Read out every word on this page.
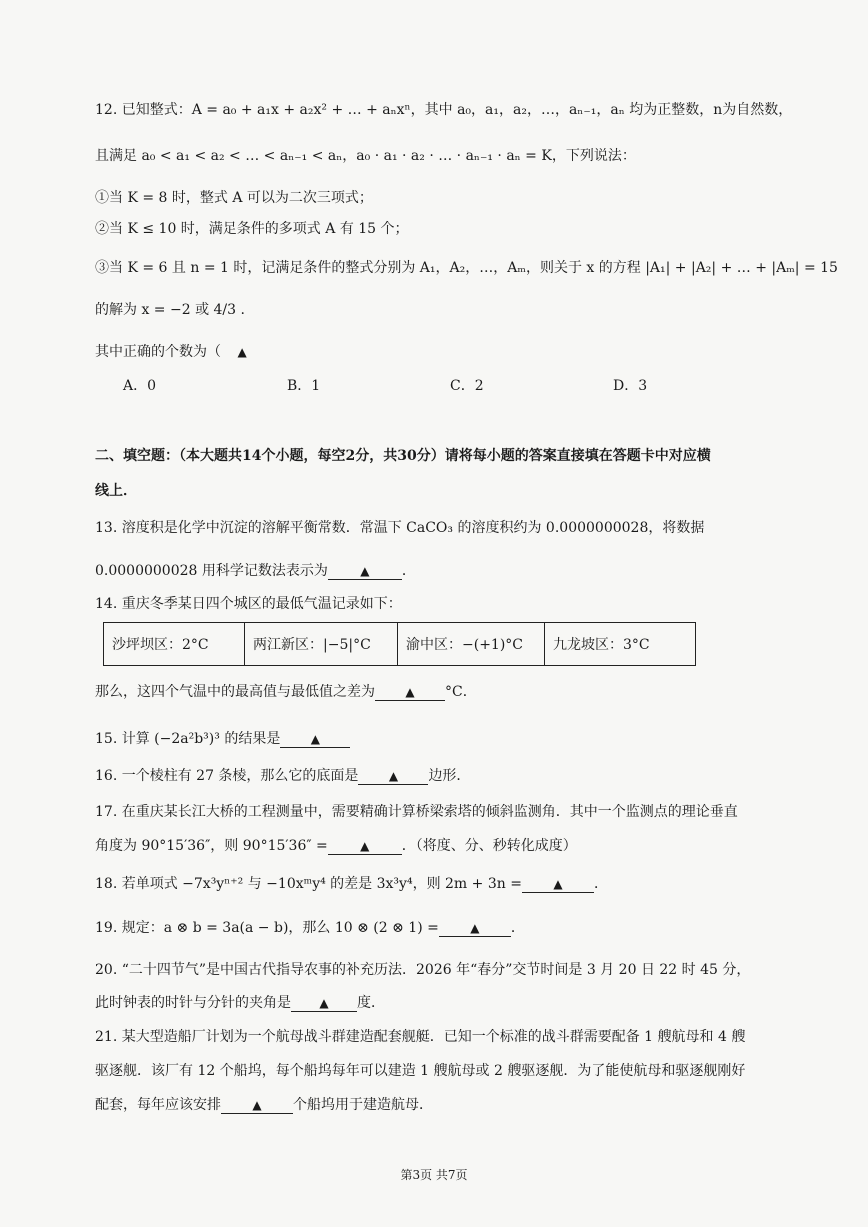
12. 已知整式：A = a₀ + a₁x + a₂x² + … + aₙxⁿ，其中 a₀，a₁，a₂，…，aₙ₋₁，aₙ 均为正整数，n为自然数，
且满足 a₀ < a₁ < a₂ < … < aₙ₋₁ < aₙ，a₀ · a₁ · a₂ · … · aₙ₋₁ · aₙ = K，下列说法：
①当 K = 8 时，整式 A 可以为二次三项式；
②当 K ≤ 10 时，满足条件的多项式 A 有 15 个；
③当 K = 6 且 n = 1 时，记满足条件的整式分别为 A₁，A₂，…，Aₘ，则关于 x 的方程 |A₁| + |A₂| + … + |Aₘ| = 15
的解为 x = −2 或 4/3 .
其中正确的个数为（ ▲
A．0	B．1	C．2	D．3
二、填空题：（本大题共14个小题，每空2分，共30分）请将每小题的答案直接填在答题卡中对应横
线上．
13. 溶度积是化学中沉淀的溶解平衡常数．常温下 CaCO₃ 的溶度积约为 0.0000000028，将数据
0.0000000028 用科学记数法表示为	▲ ．
14. 重庆冬季某日四个城区的最低气温记录如下：
沙坪坝区：2°C	两江新区：|−5|°C	渝中区：−(+1)°C	九龙坡区：3°C
那么，这四个气温中的最高值与最低值之差为	▲ °C．
15. 计算 (−2a²b³)³ 的结果是	▲
16. 一个棱柱有 27 条棱，那么它的底面是	▲ 边形．
17. 在重庆某长江大桥的工程测量中，需要精确计算桥梁索塔的倾斜监测角．其中一个监测点的理论垂直
角度为 90°15′36″，则 90°15′36″ =	▲ ．（将度、分、秒转化成度）
18. 若单项式 −7x³yⁿ⁺² 与 −10xᵐy⁴ 的差是 3x³y⁴，则 2m + 3n =	▲ ．
19. 规定：a ⊗ b = 3a(a − b)，那么 10 ⊗ (2 ⊗ 1) =	▲ ．
20. “二十四节气”是中国古代指导农事的补充历法．2026 年“春分”交节时间是 3 月 20 日 22 时 45 分，
此时钟表的时针与分针的夹角是 ▲ 度．
21. 某大型造船厂计划为一个航母战斗群建造配套舰艇．已知一个标准的战斗群需要配备 1 艘航母和 4 艘
驱逐舰．该厂有 12 个船坞，每个船坞每年可以建造 1 艘航母或 2 艘驱逐舰．为了能使航母和驱逐舰刚好
配套，每年应该安排	▲ 个船坞用于建造航母．
第3页 共7页
